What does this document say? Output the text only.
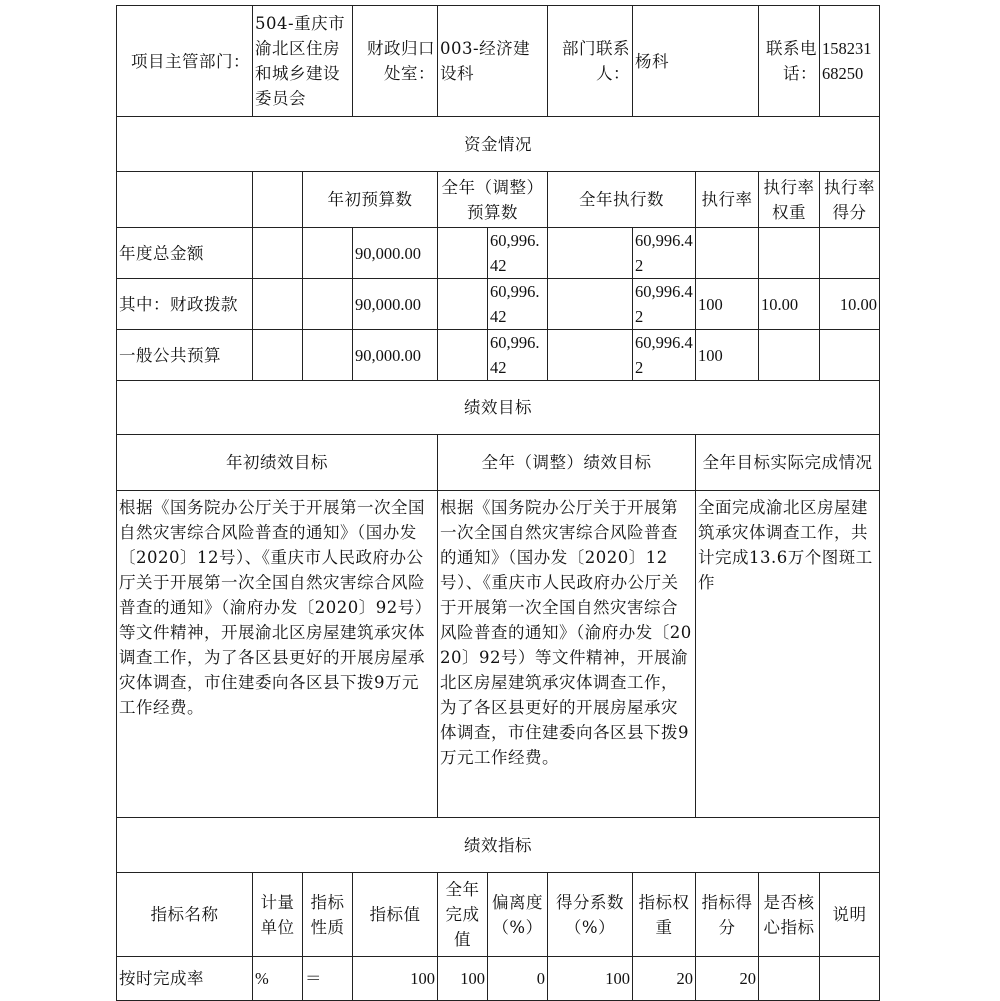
项目主管部门：	504-重庆市渝北区住房和城乡建设委员会		财政归口处室：	003-经济建设科		部门联系人：	杨科		联系电话：	15823168250
资金情况										
		年初预算数		全年（调整）预算数		全年执行数		执行率	执行率权重	执行率得分
年度总金额			90,000.00		60,996.42		60,996.42			
其中：财政拨款			90,000.00		60,996.42		60,996.42	100	10.00	10.00
一般公共预算			90,000.00		60,996.42		60,996.42	100		
绩效目标										
年初绩效目标				全年（调整）绩效目标				全年目标实际完成情况		
根据《国务院办公厅关于开展第一次全国自然灾害综合风险普查的通知》（国办发〔2020〕12号）、《重庆市人民政府办公厅关于开展第一次全国自然灾害综合风险普查的通知》（渝府办发〔2020〕92号）等文件精神，开展渝北区房屋建筑承灾体调查工作，为了各区县更好的开展房屋承灾体调查，市住建委向各区县下拨9万元工作经费。				根据《国务院办公厅关于开展第一次全国自然灾害综合风险普查的通知》（国办发〔2020〕12号）、《重庆市人民政府办公厅关于开展第一次全国自然灾害综合风险普查的通知》（渝府办发〔2020〕92号）等文件精神，开展渝北区房屋建筑承灾体调查工作，为了各区县更好的开展房屋承灾体调查，市住建委向各区县下拨9万元工作经费。				全面完成渝北区房屋建筑承灾体调查工作，共计完成13.6万个图斑工作		
绩效指标										
指标名称	计量单位	指标性质	指标值	全年完成值	偏离度（%）	得分系数（%）	指标权重	指标得分	是否核心指标	说明
按时完成率	%	＝	100	100	0	100	20	20		
